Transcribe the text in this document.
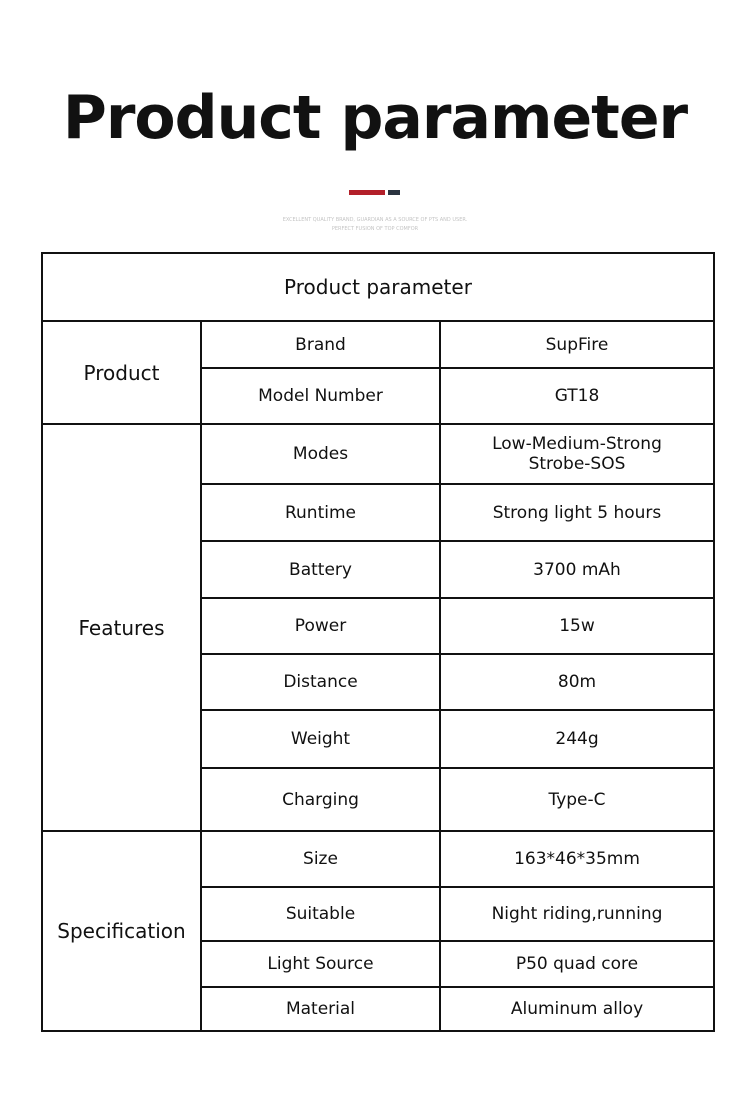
Product parameter
EXCELLENT QUALITY BRAND, GUARDIAN AS A SOURCE OF PTS AND USER.
PERFECT FUSION OF TOP COMFOR
Product parameter		
Product	Brand	SupFire
	Model Number	GT18
Features	Modes	Low-Medium-Strong
Strobe-SOS

	Runtime	Strong light 5 hours
	Battery	3700 mAh
	Power	15w
	Distance	80m
	Weight	244g
	Charging	Type-C
Specification	Size	163*46*35mm
	Suitable	Night riding,running
	Light Source	P50 quad core
	Material	Aluminum alloy
